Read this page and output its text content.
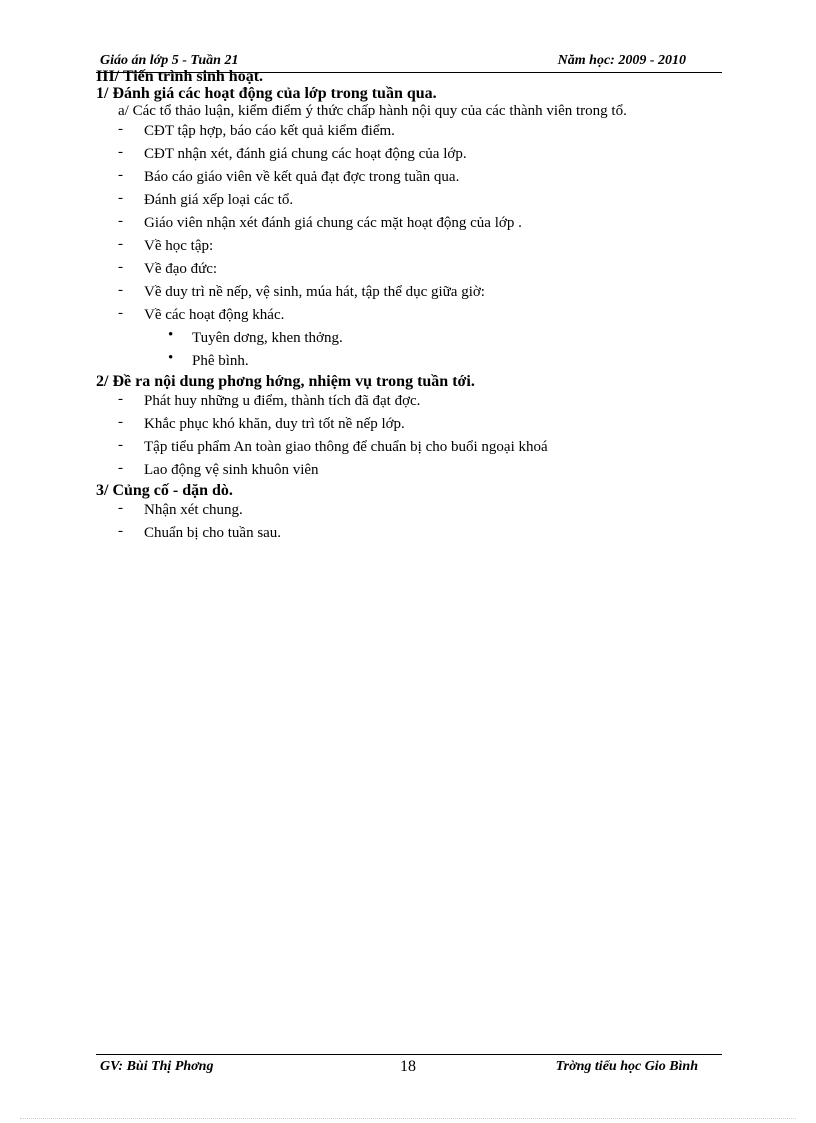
Giáo án lớp 5 - Tuần 21	Năm học: 2009 - 2010
III/ Tiến trình sinh hoạt.
1/ Đánh giá các hoạt động của lớp trong tuần qua.
a/ Các tổ thảo luận, kiểm điểm ý thức chấp hành nội quy của các thành viên trong tổ.
- CĐT tập hợp, báo cáo kết quả kiểm điểm.
- CĐT nhận xét, đánh giá chung các hoạt động của lớp.
- Báo cáo giáo viên về kết quả đạt đợc trong tuần qua.
- Đánh giá xếp loại các tổ.
- Giáo viên nhận xét đánh giá chung các mặt hoạt động của lớp .
- Về học tập:
- Về đạo đức:
- Về duy trì nề nếp, vệ sinh, múa hát, tập thể dục giữa giờ:
- Về các hoạt động khác.
• Tuyên dơng, khen thởng.
• Phê bình.
2/ Đề ra nội dung phơng hớng, nhiệm vụ trong tuần tới.
- Phát huy những u điểm, thành tích đã đạt đợc.
- Khắc phục khó khăn, duy trì tốt nề nếp lớp.
- Tập tiểu phẩm An toàn giao thông để chuẩn bị cho buổi ngoại khoá
- Lao động vệ sinh khuôn viên
3/ Củng cố - dặn dò.
- Nhận xét chung.
- Chuẩn bị cho tuần sau.
GV: Bùi Thị Phơng	18	Trờng tiểu học Gio Bình
